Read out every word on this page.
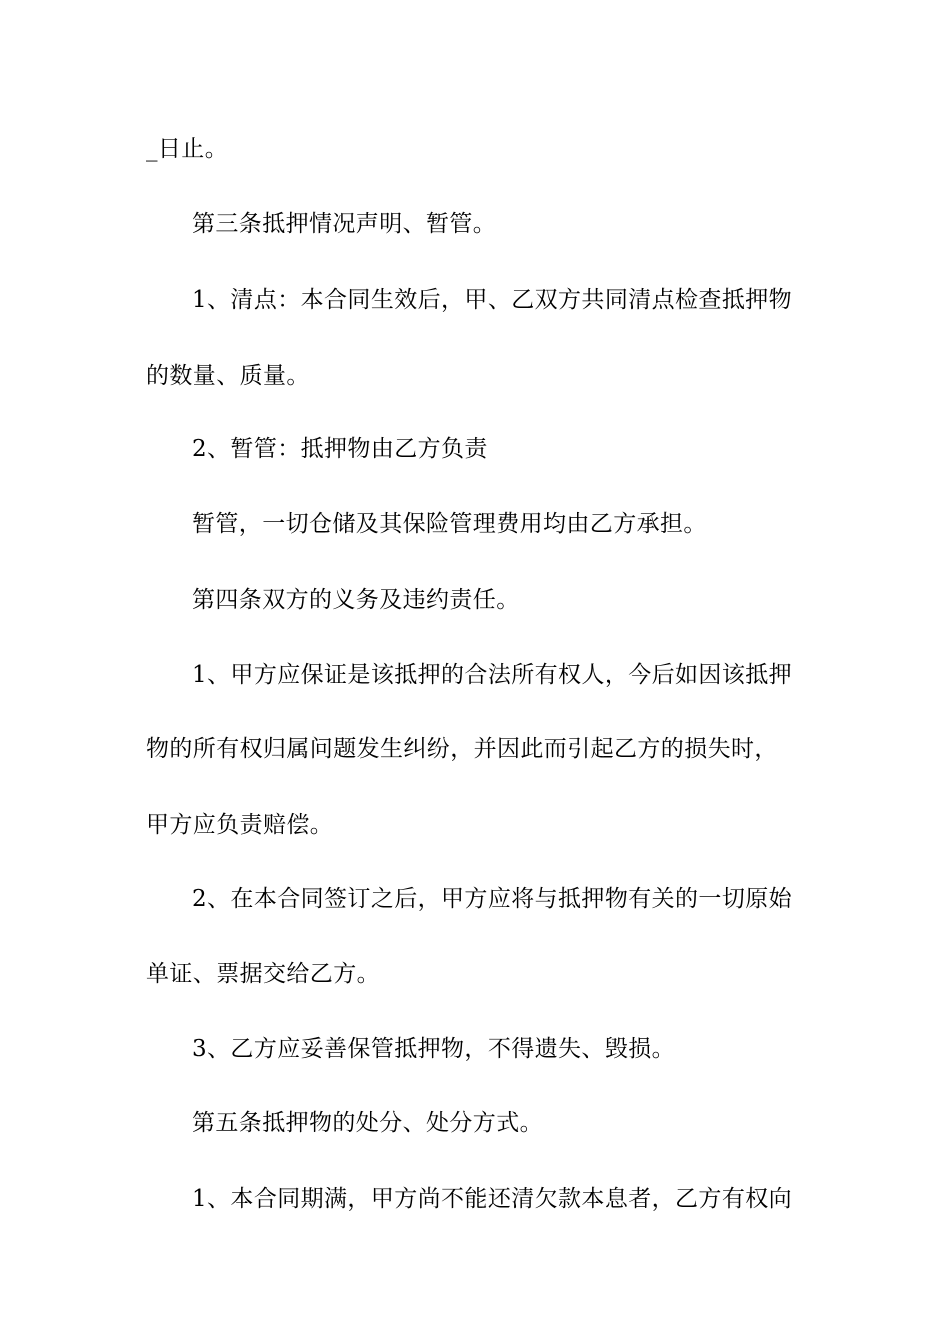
_日止。
第三条抵押情况声明、暂管。
1、清点：本合同生效后，甲、乙双方共同清点检查抵押物
的数量、质量。
2、暂管：抵押物由乙方负责
暂管，一切仓储及其保险管理费用均由乙方承担。
第四条双方的义务及违约责任。
1、甲方应保证是该抵押的合法所有权人，今后如因该抵押
物的所有权归属问题发生纠纷，并因此而引起乙方的损失时，
甲方应负责赔偿。
2、在本合同签订之后，甲方应将与抵押物有关的一切原始
单证、票据交给乙方。
3、乙方应妥善保管抵押物，不得遗失、毁损。
第五条抵押物的处分、处分方式。
1、本合同期满，甲方尚不能还清欠款本息者，乙方有权向
